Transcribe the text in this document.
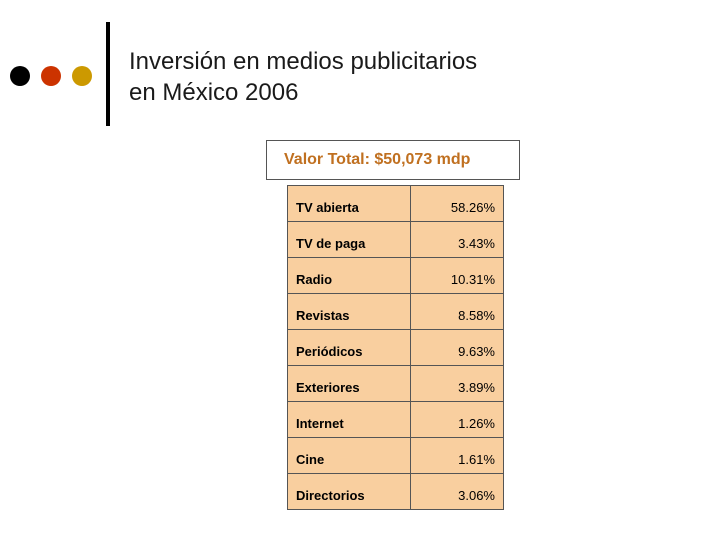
Inversión en medios publicitarios
en México 2006
Valor Total: $50,073 mdp
TV abierta	58.26%
TV de paga	3.43%
Radio	10.31%
Revistas	8.58%
Periódicos	9.63%
Exteriores	3.89%
Internet	1.26%
Cine	1.61%
Directorios	3.06%
